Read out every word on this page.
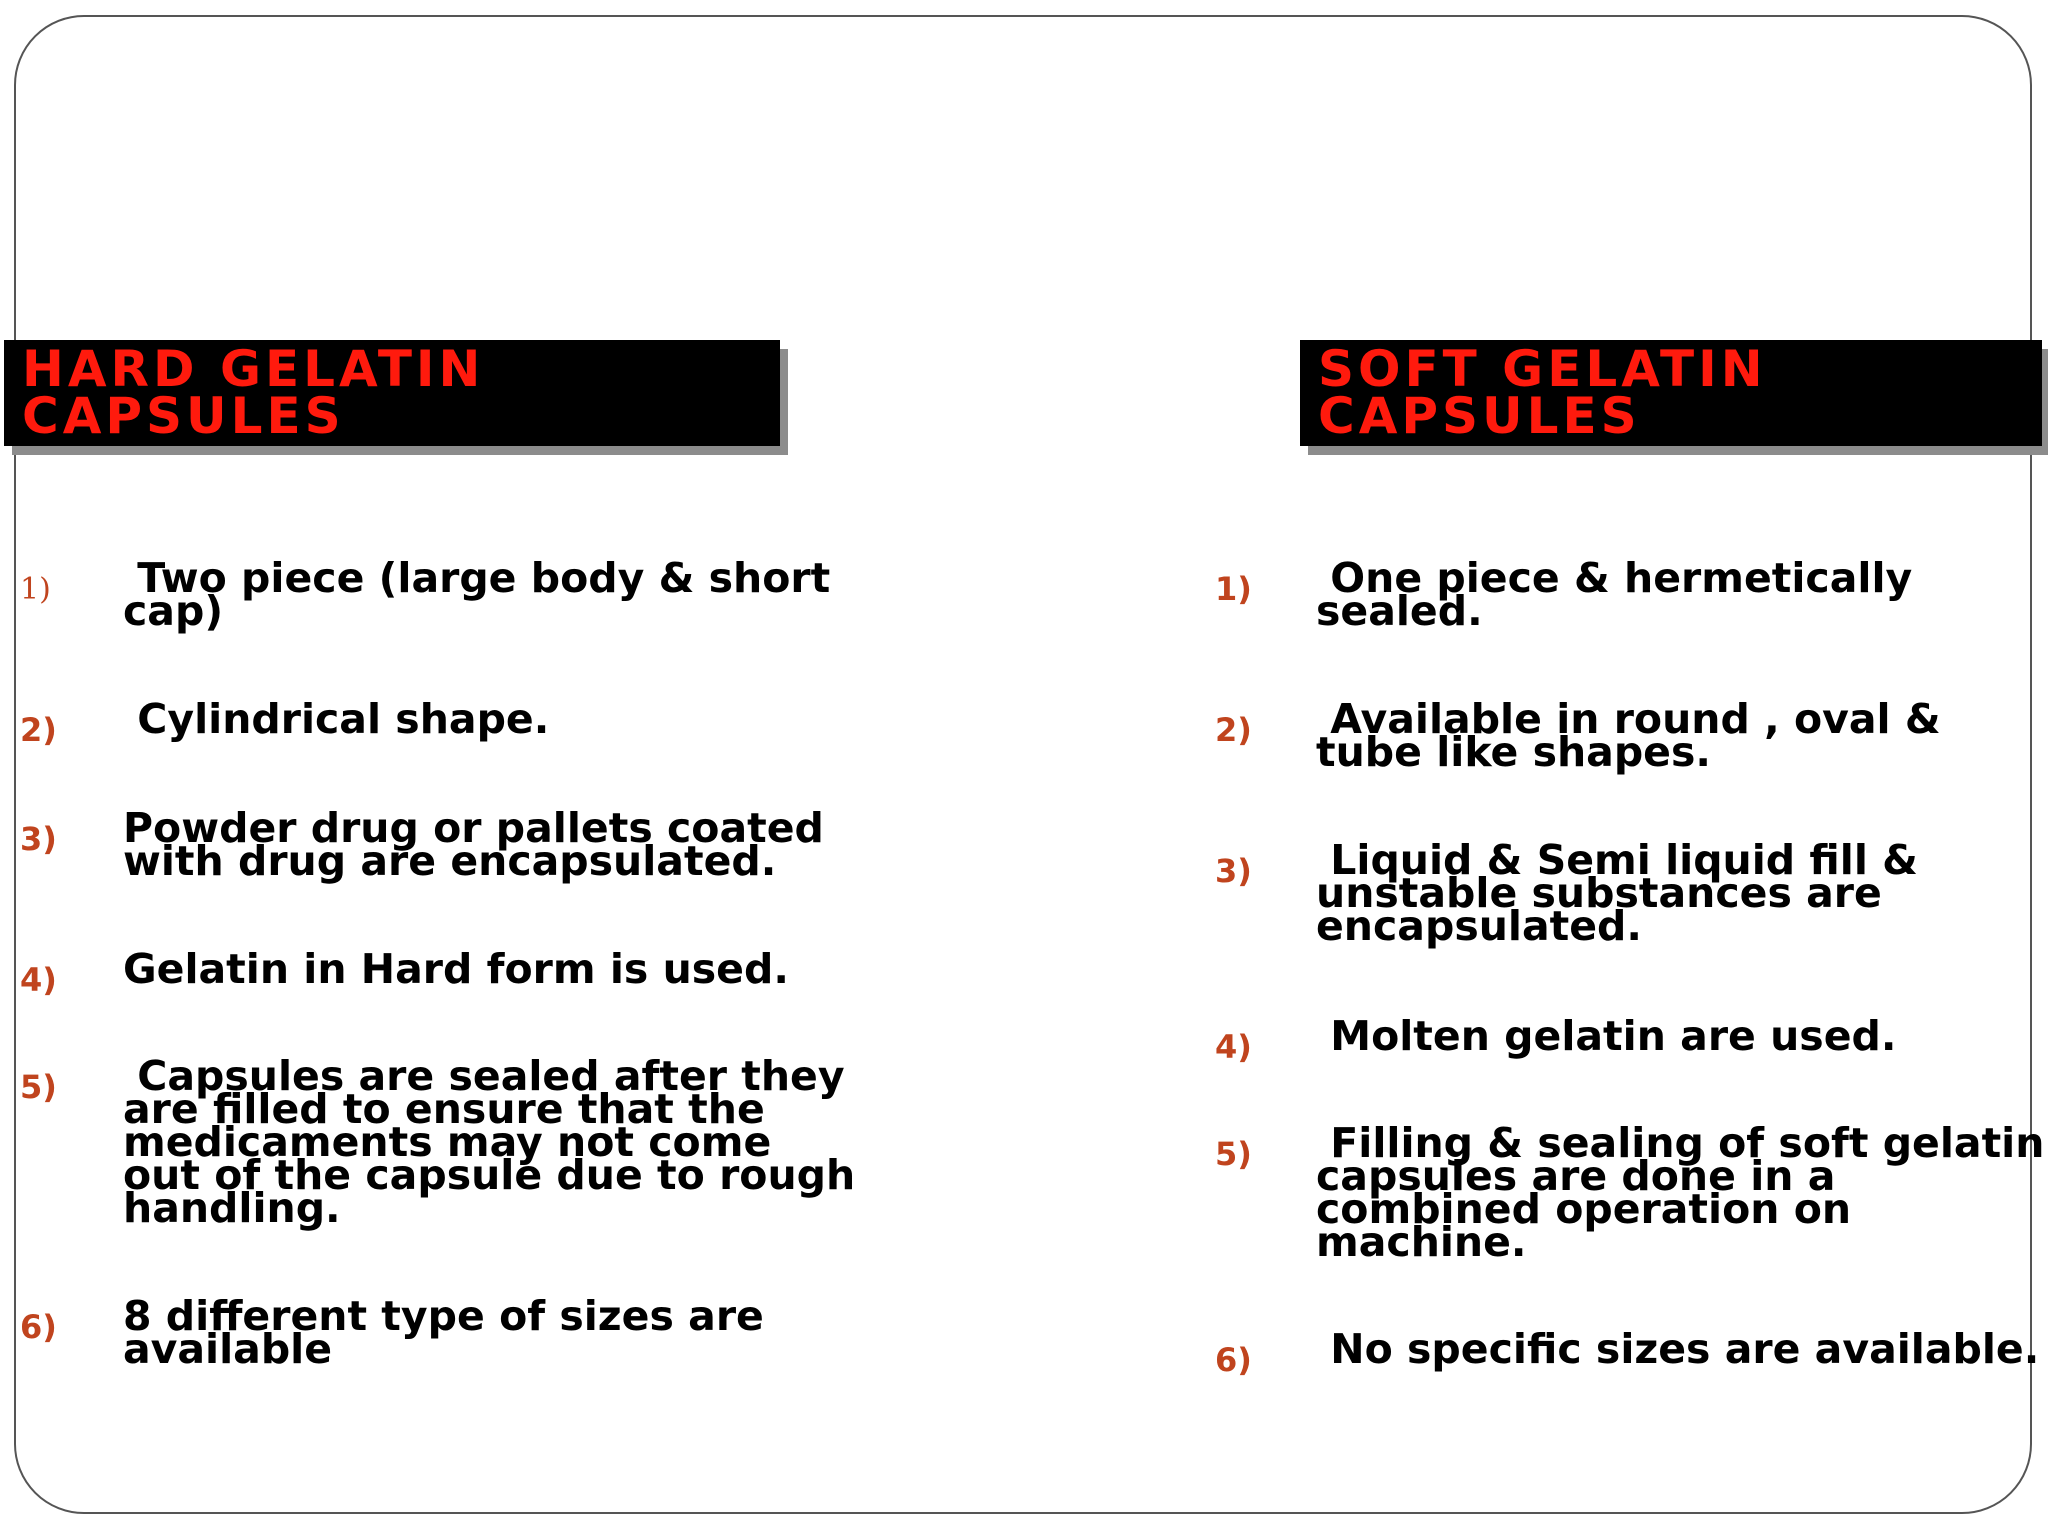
HARD GELATIN
CAPSULES
SOFT GELATIN
CAPSULES
1)	Two piece (large body & short
cap)
2) Cylindrical shape.
3) Powder drug or pallets coated
with drug are encapsulated.
4) Gelatin in Hard form is used.
5)	Capsules are sealed after they
are filled to ensure that the
medicaments may not come
out of the capsule due to rough
handling.
6) 8 different type of sizes are
available
1)	One piece & hermetically
sealed.
2)	Available in round , oval &
tube like shapes.
3)	Liquid & Semi liquid fill &
unstable substances are
encapsulated.
4) Molten gelatin are used.
5)	Filling & sealing of soft gelatin
capsules are done in a
combined operation on
machine.
6) No specific sizes are available.
